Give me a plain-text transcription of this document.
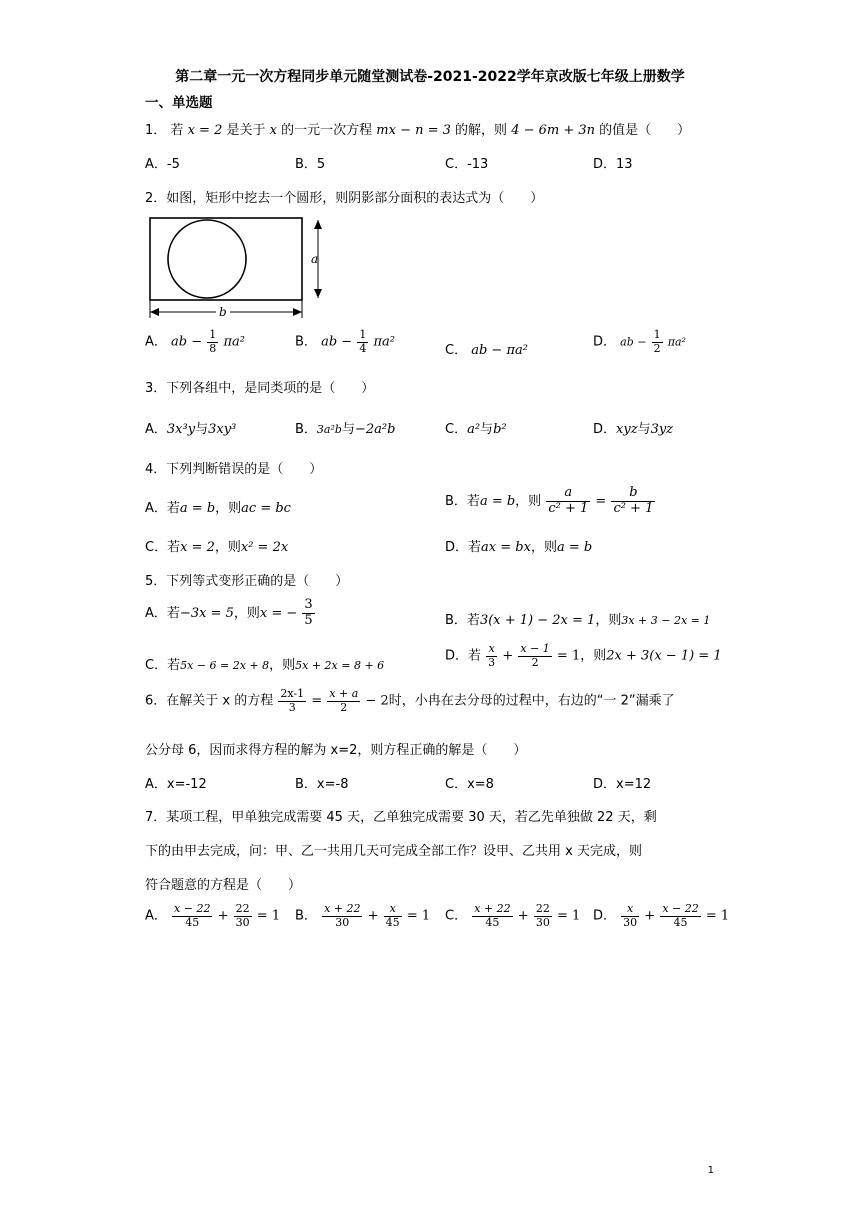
第二章一元一次方程同步单元随堂测试卷-2021-2022学年京改版七年级上册数学
一、单选题
1． 若 x = 2 是关于 x 的一元一次方程 mx − n = 3 的解，则 4 − 6m + 3n 的值是（　　）
A．-5	B．5	C．-13	D．13
2．如图，矩形中挖去一个圆形，则阴影部分面积的表达式为（　　）
a
b
A． ab − $\frac{1}{8} \pi a^2$	B． ab − $\frac{1}{4} \pi a^2$
C． ab − πa²
D． ab − $\frac{1}{2} \pi a^2$
3．下列各组中，是同类项的是（　　）
A．3x³y与3xy³	B．3a²b与−2a²b	C．a²与b²	D．xyz与3yz
4．下列判断错误的是（　　）
A．若a = b，则ac = bc	B．若a = b，则 $\frac{a}{\text{c² + 1}} = \frac{b}{\text{c² + 1}}$
C．若x = 2，则x² = 2x	D．若ax = bx，则a = b
5．下列等式变形正确的是（　　）
A．若−3x = 5，则x = − $\frac{3}{5}$	B．若3(x + 1) − 2x = 1，则3x + 3 − 2x = 1
C．若5x − 6 = 2x + 8，则5x + 2x = 8 + 6
D．若 $\frac{x}{3} + \frac{x - 1}{2} = 1$，则2x + 3(x − 1) = 1
6．在解关于 x 的方程 $\frac{2x-1}{3} = \frac{x + a}{2} - 2$时，小冉在去分母的过程中，右边的“一 2”漏乘了
公分母 6，因而求得方程的解为 x=2，则方程正确的解是（　　）
A．x=-12	B．x=-8	C．x=8	D．x=12
7．某项工程，甲单独完成需要 45 天，乙单独完成需要 30 天，若乙先单独做 22 天，剩
下的由甲去完成，问：甲、乙一共用几天可完成全部工作？设甲、乙共用 x 天完成，则
符合题意的方程是（　　）
A． $\frac{x - 22}{45} + \frac{22}{30} = 1$ B． $\frac{x + 22}{30} + \frac{x}{45} = 1$ C． $\frac{x + 22}{45} + \frac{22}{30} = 1$ D． $\frac{x}{30} + \frac{x - 22}{45} = 1$
1
